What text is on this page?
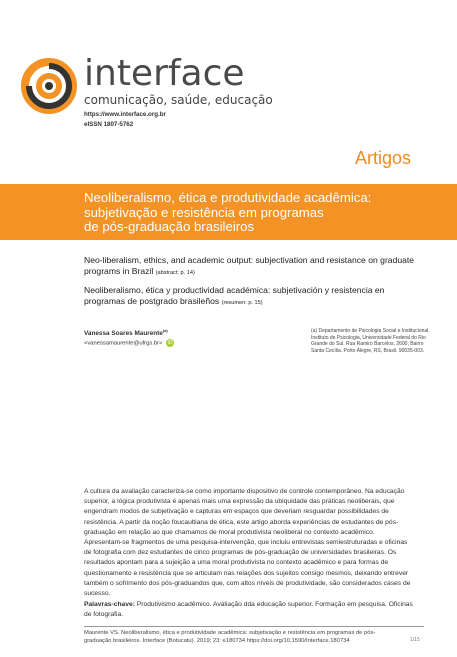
interface
comunicação, saúde, educação
https://www.interface.org.br
eISSN 1807-5762
Artigos
Neoliberalismo, ética e produtividade acadêmica:
subjetivação e resistência em programas
de pós-graduação brasileiros
Neo-liberalism, ethics, and academic output: subjectivation and resistance on graduate programs in Brazil (abstract: p. 14)
Neoliberalismo, ética y productividad académica: subjetivación y resistencia en programas de postgrado brasileños (resumen: p. 15)
Vanessa Soares Maurente$^{(a)}$
<vanessamaurente@ufrgs.br> iD
(a) Departamento de Psicologia Social e Institucional, Instituto de Psicologia, Universidade Federal do Rio Grande do Sul. Rua Ramiro Barcelos, 2600, Bairro Santa Cecília. Porto Alegre, RS, Brasil. 90035-003.
A cultura da avaliação caracteriza-se como importante dispositivo de controle contemporâneo. Na educação superior, a lógica produtivista é apenas mais uma expressão da ubiquidade das práticas neoliberais, que engendram modos de subjetivação e capturas em espaços que deveriam resguardar possibilidades de resistência. A partir da noção foucaultiana de ética, este artigo aborda experiências de estudantes de pós-graduação em relação ao que chamamos de moral produtivista neoliberal no contexto acadêmico. Apresentam-se fragmentos de uma pesquisa-intervenção, que incluiu entrevistas semiestruturadas e oficinas de fotografia com dez estudantes de cinco programas de pós-graduação de universidades brasileiras. Os resultados apontam para a sujeição a uma moral produtivista no contexto acadêmico e para formas de questionamento e resistência que se articulam nas relações dos sujeitos consigo mesmos, deixando entrever também o sofrimento dos pós-graduandos que, com altos níveis de produtividade, são considerados cases de sucesso.
Palavras-chave: Produtivismo acadêmico. Avaliação dda educação superior. Formação em pesquisa. Oficinas de fotografia.
Maurente VS. Neoliberalismo, ética e produtividade acadêmica: subjetivação e resistência em programas de pós-graduação brasileiros. Interface (Botucatu). 2019; 23: e180734 https://doi.org/10.1590/Interface.180734	1/15
